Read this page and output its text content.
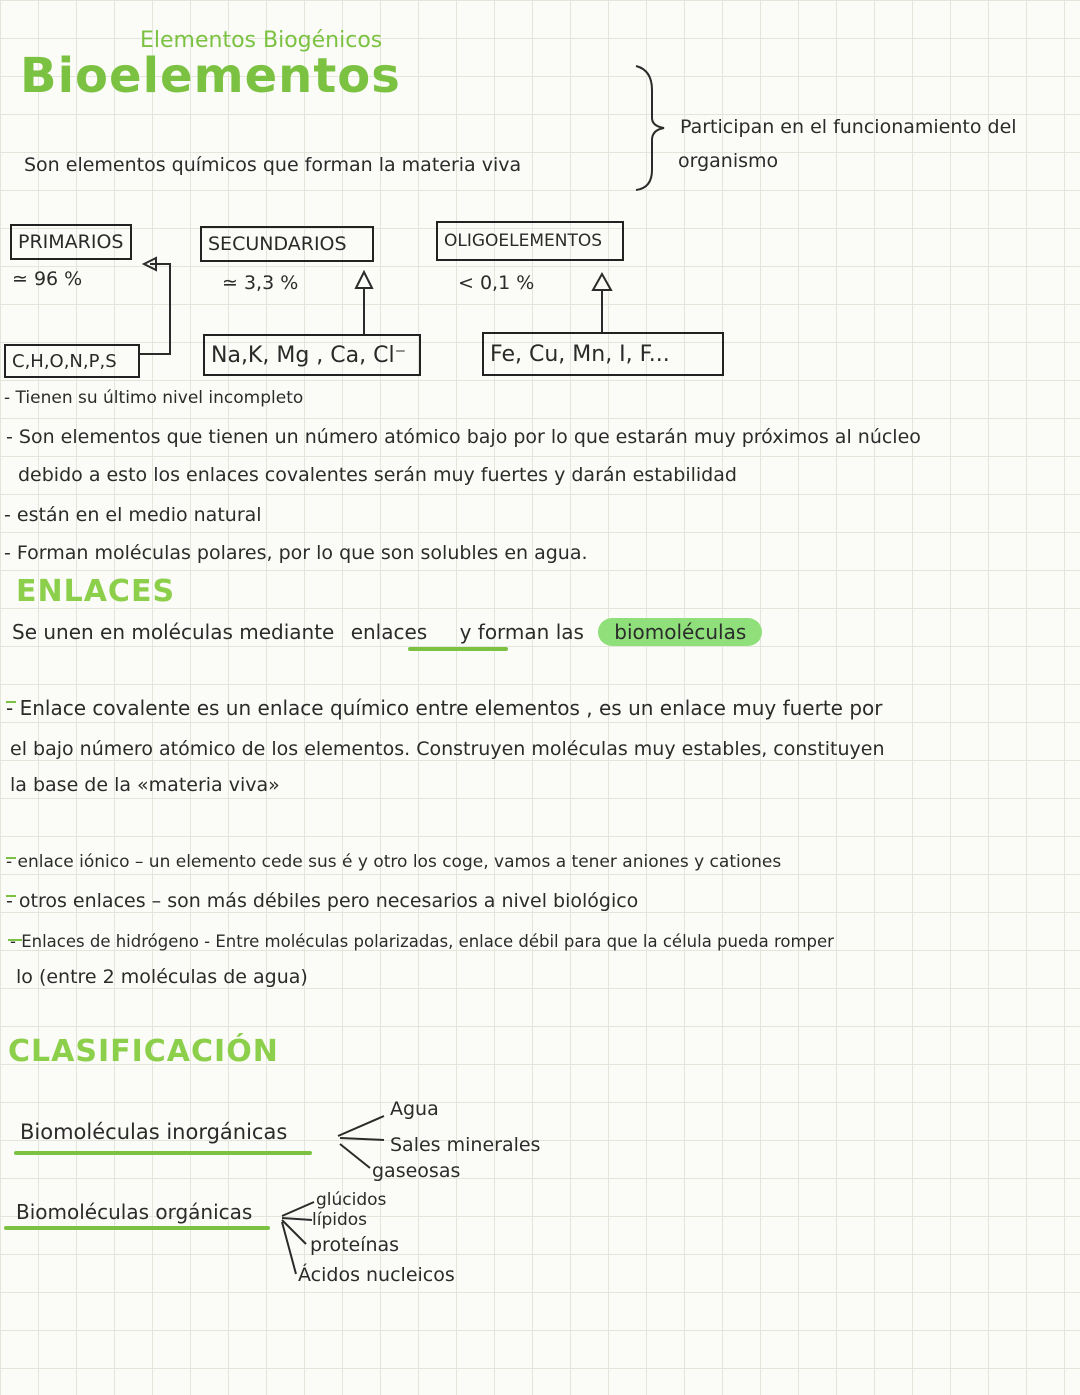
Elementos Biogénicos
Bioelementos
Son elementos químicos que forman la materia viva
Participan en el funcionamiento del
organismo
PRIMARIOS
≃ 96 %
C,H,O,N,P,S
SECUNDARIOS
≃ 3,3 %
Na,K, Mg , Ca, Cl⁻
OLIGOELEMENTOS
< 0,1 %
Fe, Cu, Mn, I, F...
- Tienen su último nivel incompleto
- Son elementos que tienen un número atómico bajo por lo que estarán muy próximos al núcleo
debido a esto los enlaces covalentes serán muy fuertes y darán estabilidad
- están en el medio natural
- Forman moléculas polares, por lo que son solubles en agua.
ENLACES
Se unen en moléculas mediante enlaces y forman las biomoléculas
- Enlace covalente es un enlace químico entre elementos , es un enlace muy fuerte por
el bajo número atómico de los elementos. Construyen moléculas muy estables, constituyen
la base de la «materia viva»
- enlace iónico – un elemento cede sus é y otro los coge, vamos a tener aniones y cationes
- otros enlaces – son más débiles pero necesarios a nivel biológico
- Enlaces de hidrógeno - Entre moléculas polarizadas, enlace débil para que la célula pueda romper
lo (entre 2 moléculas de agua)
CLASIFICACIÓN
Biomoléculas inorgánicas
Agua
Sales minerales
gaseosas
Biomoléculas orgánicas	glúcidos
lípidos
proteínas
Ácidos nucleicos
